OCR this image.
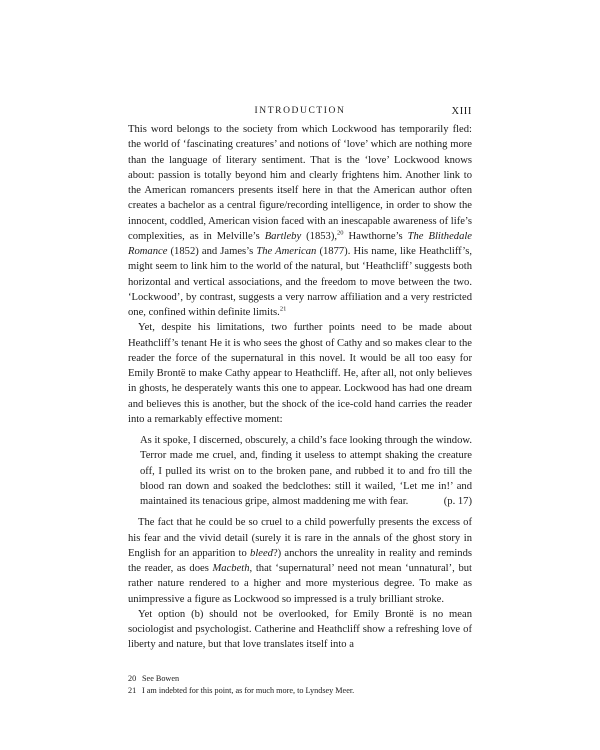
INTRODUCTION	XIII

This word belongs to the society from which Lockwood has temporarily fled: the world of ‘fascinating creatures’ and notions of ‘love’ which are nothing more than the language of literary sentiment. That is the ‘love’ Lockwood knows about: passion is totally beyond him and clearly frightens him. Another link to the American romancers presents itself here in that the American author often creates a bachelor as a central figure/recording intelligence, in order to show the innocent, coddled, American vision faced with an inescapable awareness of life’s complexities, as in Melville’s Bartleby (1853),$^{20}$ Hawthorne’s The Blithedale Romance (1852) and James’s The American (1877). His name, like Heathcliff’s, might seem to link him to the world of the natural, but ‘Heathcliff’ suggests both horizontal and vertical associations, and the freedom to move between the two. ‘Lockwood’, by contrast, suggests a very narrow affiliation and a very restricted one, confined within definite limits.$^{21}$

Yet, despite his limitations, two further points need to be made about Heathcliff’s tenant He it is who sees the ghost of Cathy and so makes clear to the reader the force of the supernatural in this novel. It would be all too easy for Emily Brontë to make Cathy appear to Heathcliff. He, after all, not only believes in ghosts, he desperately wants this one to appear. Lockwood has had one dream and believes this is another, but the shock of the ice-cold hand carries the reader into a remarkably effective moment:

As it spoke, I discerned, obscurely, a child’s face looking through the window. Terror made me cruel, and, finding it useless to attempt shaking the creature off, I pulled its wrist on to the broken pane, and rubbed it to and fro till the blood ran down and soaked the bedclothes: still it wailed, ‘Let me in!’ and maintained its tenacious gripe, almost maddening me with fear.	(p. 17)

The fact that he could be so cruel to a child powerfully presents the excess of his fear and the vivid detail (surely it is rare in the annals of the ghost story in English for an apparition to bleed?) anchors the unreality in reality and reminds the reader, as does Macbeth, that ‘supernatural’ need not mean ‘unnatural’, but rather nature rendered to a higher and more mysterious degree. To make as unimpressive a figure as Lockwood so impressed is a truly brilliant stroke.

Yet option (b) should not be overlooked, for Emily Brontë is no mean sociologist and psychologist. Catherine and Heathcliff show a refreshing love of liberty and nature, but that love translates itself into a

20 See Bowen
21 I am indebted for this point, as for much more, to Lyndsey Meer.
